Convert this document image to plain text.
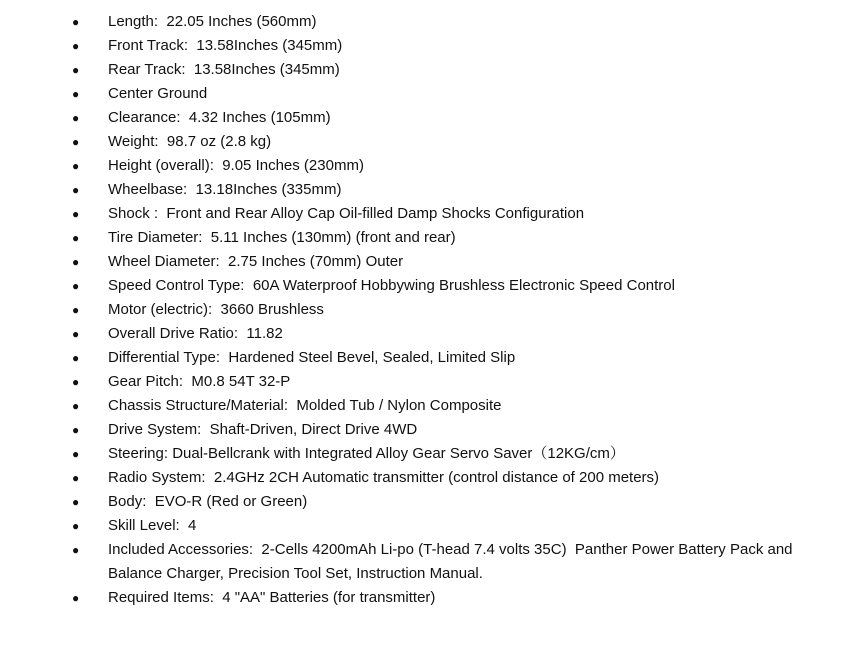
● Length:  22.05 Inches (560mm)
● Front Track:  13.58Inches (345mm)
● Rear Track:  13.58Inches (345mm)
● Center Ground
● Clearance:  4.32 Inches (105mm)
● Weight:  98.7 oz (2.8 kg)
● Height (overall):  9.05 Inches (230mm)
● Wheelbase:  13.18Inches (335mm)
● Shock :  Front and Rear Alloy Cap Oil-filled Damp Shocks Configuration
● Tire Diameter:  5.11 Inches (130mm) (front and rear)
● Wheel Diameter:  2.75 Inches (70mm) Outer
● Speed Control Type:  60A Waterproof Hobbywing Brushless Electronic Speed Control
● Motor (electric):  3660 Brushless
● Overall Drive Ratio:  11.82
● Differential Type:  Hardened Steel Bevel, Sealed, Limited Slip
● Gear Pitch:  M0.8 54T 32-P
● Chassis Structure/Material:  Molded Tub / Nylon Composite
● Drive System:  Shaft-Driven, Direct Drive 4WD
● Steering: Dual-Bellcrank with Integrated Alloy Gear Servo Saver（12KG/cm）
● Radio System:  2.4GHz 2CH Automatic transmitter (control distance of 200 meters)
● Body:  EVO-R (Red or Green)
● Skill Level:  4
● Included Accessories:  2-Cells 4200mAh Li-po (T-head 7.4 volts 35C)  Panther Power Battery Pack and Balance Charger, Precision Tool Set, Instruction Manual.
● Required Items:  4 "AA" Batteries (for transmitter)
